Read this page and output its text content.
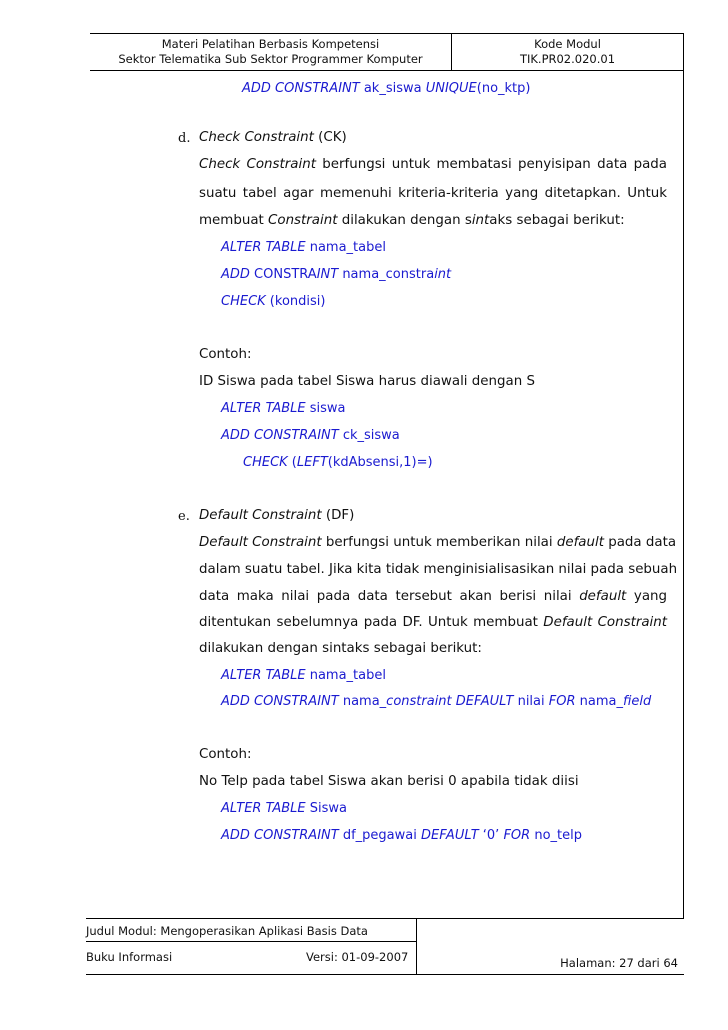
Materi Pelatihan Berbasis Kompetensi
Sektor Telematika Sub Sektor Programmer Komputer
Kode Modul
TIK.PR02.020.01
ADD CONSTRAINT ak_siswa UNIQUE(no_ktp)
d. Check Constraint (CK)
Check Constraint berfungsi untuk membatasi penyisipan data pada
suatu tabel agar memenuhi kriteria-kriteria yang ditetapkan. Untuk
membuat Constraint dilakukan dengan sintaks sebagai berikut:
ALTER TABLE nama_tabel
ADD CONSTRAINT nama_constraint
CHECK (kondisi)
Contoh:
ID Siswa pada tabel Siswa harus diawali dengan S
ALTER TABLE siswa
ADD CONSTRAINT ck_siswa
CHECK (LEFT(kdAbsensi,1)=)
e. Default Constraint (DF)
Default Constraint berfungsi untuk memberikan nilai default pada data
dalam suatu tabel. Jika kita tidak menginisialisasikan nilai pada sebuah
data maka nilai pada data tersebut akan berisi nilai default yang
ditentukan sebelumnya pada DF. Untuk membuat Default Constraint
dilakukan dengan sintaks sebagai berikut:
ALTER TABLE nama_tabel
ADD CONSTRAINT nama_constraint DEFAULT nilai FOR nama_field
Contoh:
No Telp pada tabel Siswa akan berisi 0 apabila tidak diisi
ALTER TABLE Siswa
ADD CONSTRAINT df_pegawai DEFAULT ‘0’ FOR no_telp
Judul Modul: Mengoperasikan Aplikasi Basis Data
Buku Informasi	Versi: 01-09-2007	Halaman: 27 dari 64
